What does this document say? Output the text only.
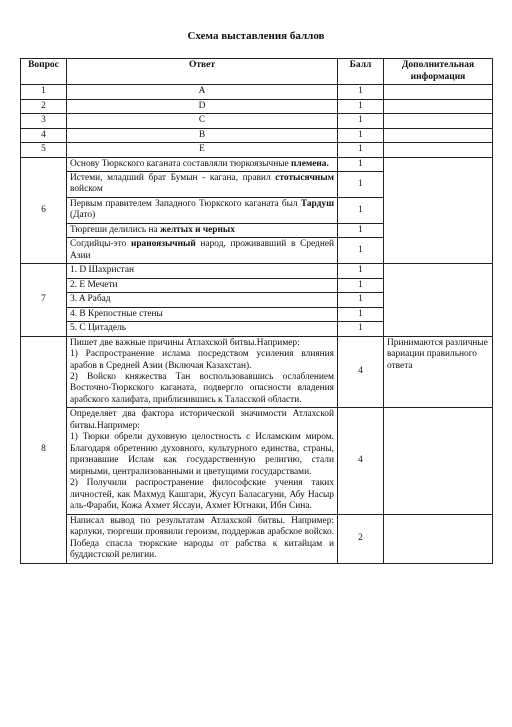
Схема выставления баллов
Вопрос	Ответ	Балл	Дополнительная информация
1	A	1	
2	D	1	
3	C	1	
4	B	1	
5	E	1	
6	Основу Тюркского каганата составляли тюркоязычные племена.	1	
	Истеми, младший брат Бумын - кагана, правил стотысячным войском	1	
	Первым правителем Западного Тюркского каганата был Тардуш (Дато)	1	
	Тюргеши делились на желтых и черных	1	
	Согдийцы-это ираноязычный народ, проживавший в Средней Азии	1	
7	1. D Шахристан	1	
	2. E Мечети	1	
	3. A Рабад	1	
	4. B Крепостные стены	1	
	5. C Цитадель	1	
8	Пишет две важные причины Атлахской битвы.Например:
1) Распространение ислама посредством усиления влияния арабов в Средней Азии (Включая Казахстан).
2) Войско княжества Тан воспользовавшись ослаблением Восточно-Тюркского каганата, подвергло опасности владения арабского халифата, приблизившись к Таласской области.	4	Принимаются различные вариации правильного ответа

	Определяет два фактора исторической значимости Атлахской битвы.Например:
1) Тюрки обрели духовную целостность с Исламским миром. Благодаря обретению духовного, культурного единства, страны, признавшие Ислам как государственную религию, стали мирными, централизованными и цветущими государствами.
2) Получили распространение философские учения таких личностей, как Махмуд Кашгари, Жусуп Баласагуни, Абу Насыр аль-Фараби, Кожа Ахмет Яссауи, Ахмет Югнаки, Ибн Сина.	4	

	Написал вывод по результатам Атлахской битвы. Например: карлуки, тюргеши проявили героизм, поддержав арабское войско. Победа спасла тюркские народы от рабства к китайцам и буддистской религии.	2	
